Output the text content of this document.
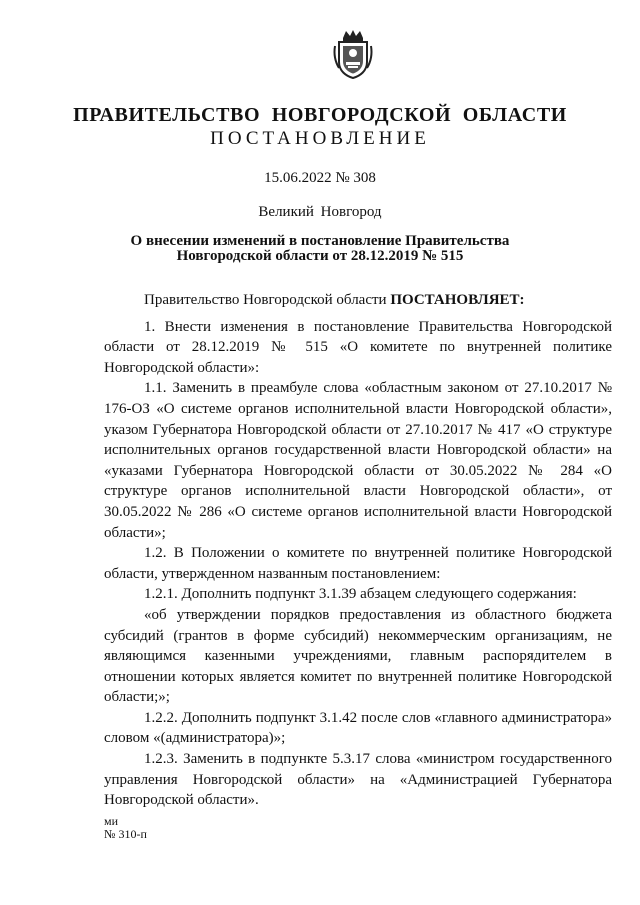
ПРАВИТЕЛЬСТВО НОВГОРОДСКОЙ ОБЛАСТИ
ПОСТАНОВЛЕНИЕ
15.06.2022 № 308
Великий Новгород
О внесении изменений в постановление Правительства
Новгородской области от 28.12.2019 № 515

Правительство Новгородской области ПОСТАНОВЛЯЕТ:

1. Внести изменения в постановление Правительства Новгородской области от 28.12.2019 № 515 «О комитете по внутренней политике Новгородской области»:

1.1. Заменить в преамбуле слова «областным законом от 27.10.2017 № 176-ОЗ «О системе органов исполнительной власти Новгородской области», указом Губернатора Новгородской области от 27.10.2017 № 417 «О структуре исполнительных органов государственной власти Новгородской области» на «указами Губернатора Новгородской области от 30.05.2022 № 284 «О структуре органов исполнительной власти Новгородской области», от 30.05.2022 № 286 «О системе органов исполнительной власти Новгородской области»;

1.2. В Положении о комитете по внутренней политике Новгородской области, утвержденном названным постановлением:

1.2.1. Дополнить подпункт 3.1.39 абзацем следующего содержания:

«об утверждении порядков предоставления из областного бюджета субсидий (грантов в форме субсидий) некоммерческим организациям, не являющимся казенными учреждениями, главным распорядителем в отношении которых является комитет по внутренней политике Новгородской области;»;

1.2.2. Дополнить подпункт 3.1.42 после слов «главного администратора» словом «(администратора)»;

1.2.3. Заменить в подпункте 5.3.17 слова «министром государственного управления Новгородской области» на «Администрацией Губернатора Новгородской области».

ми
№ 310-п
